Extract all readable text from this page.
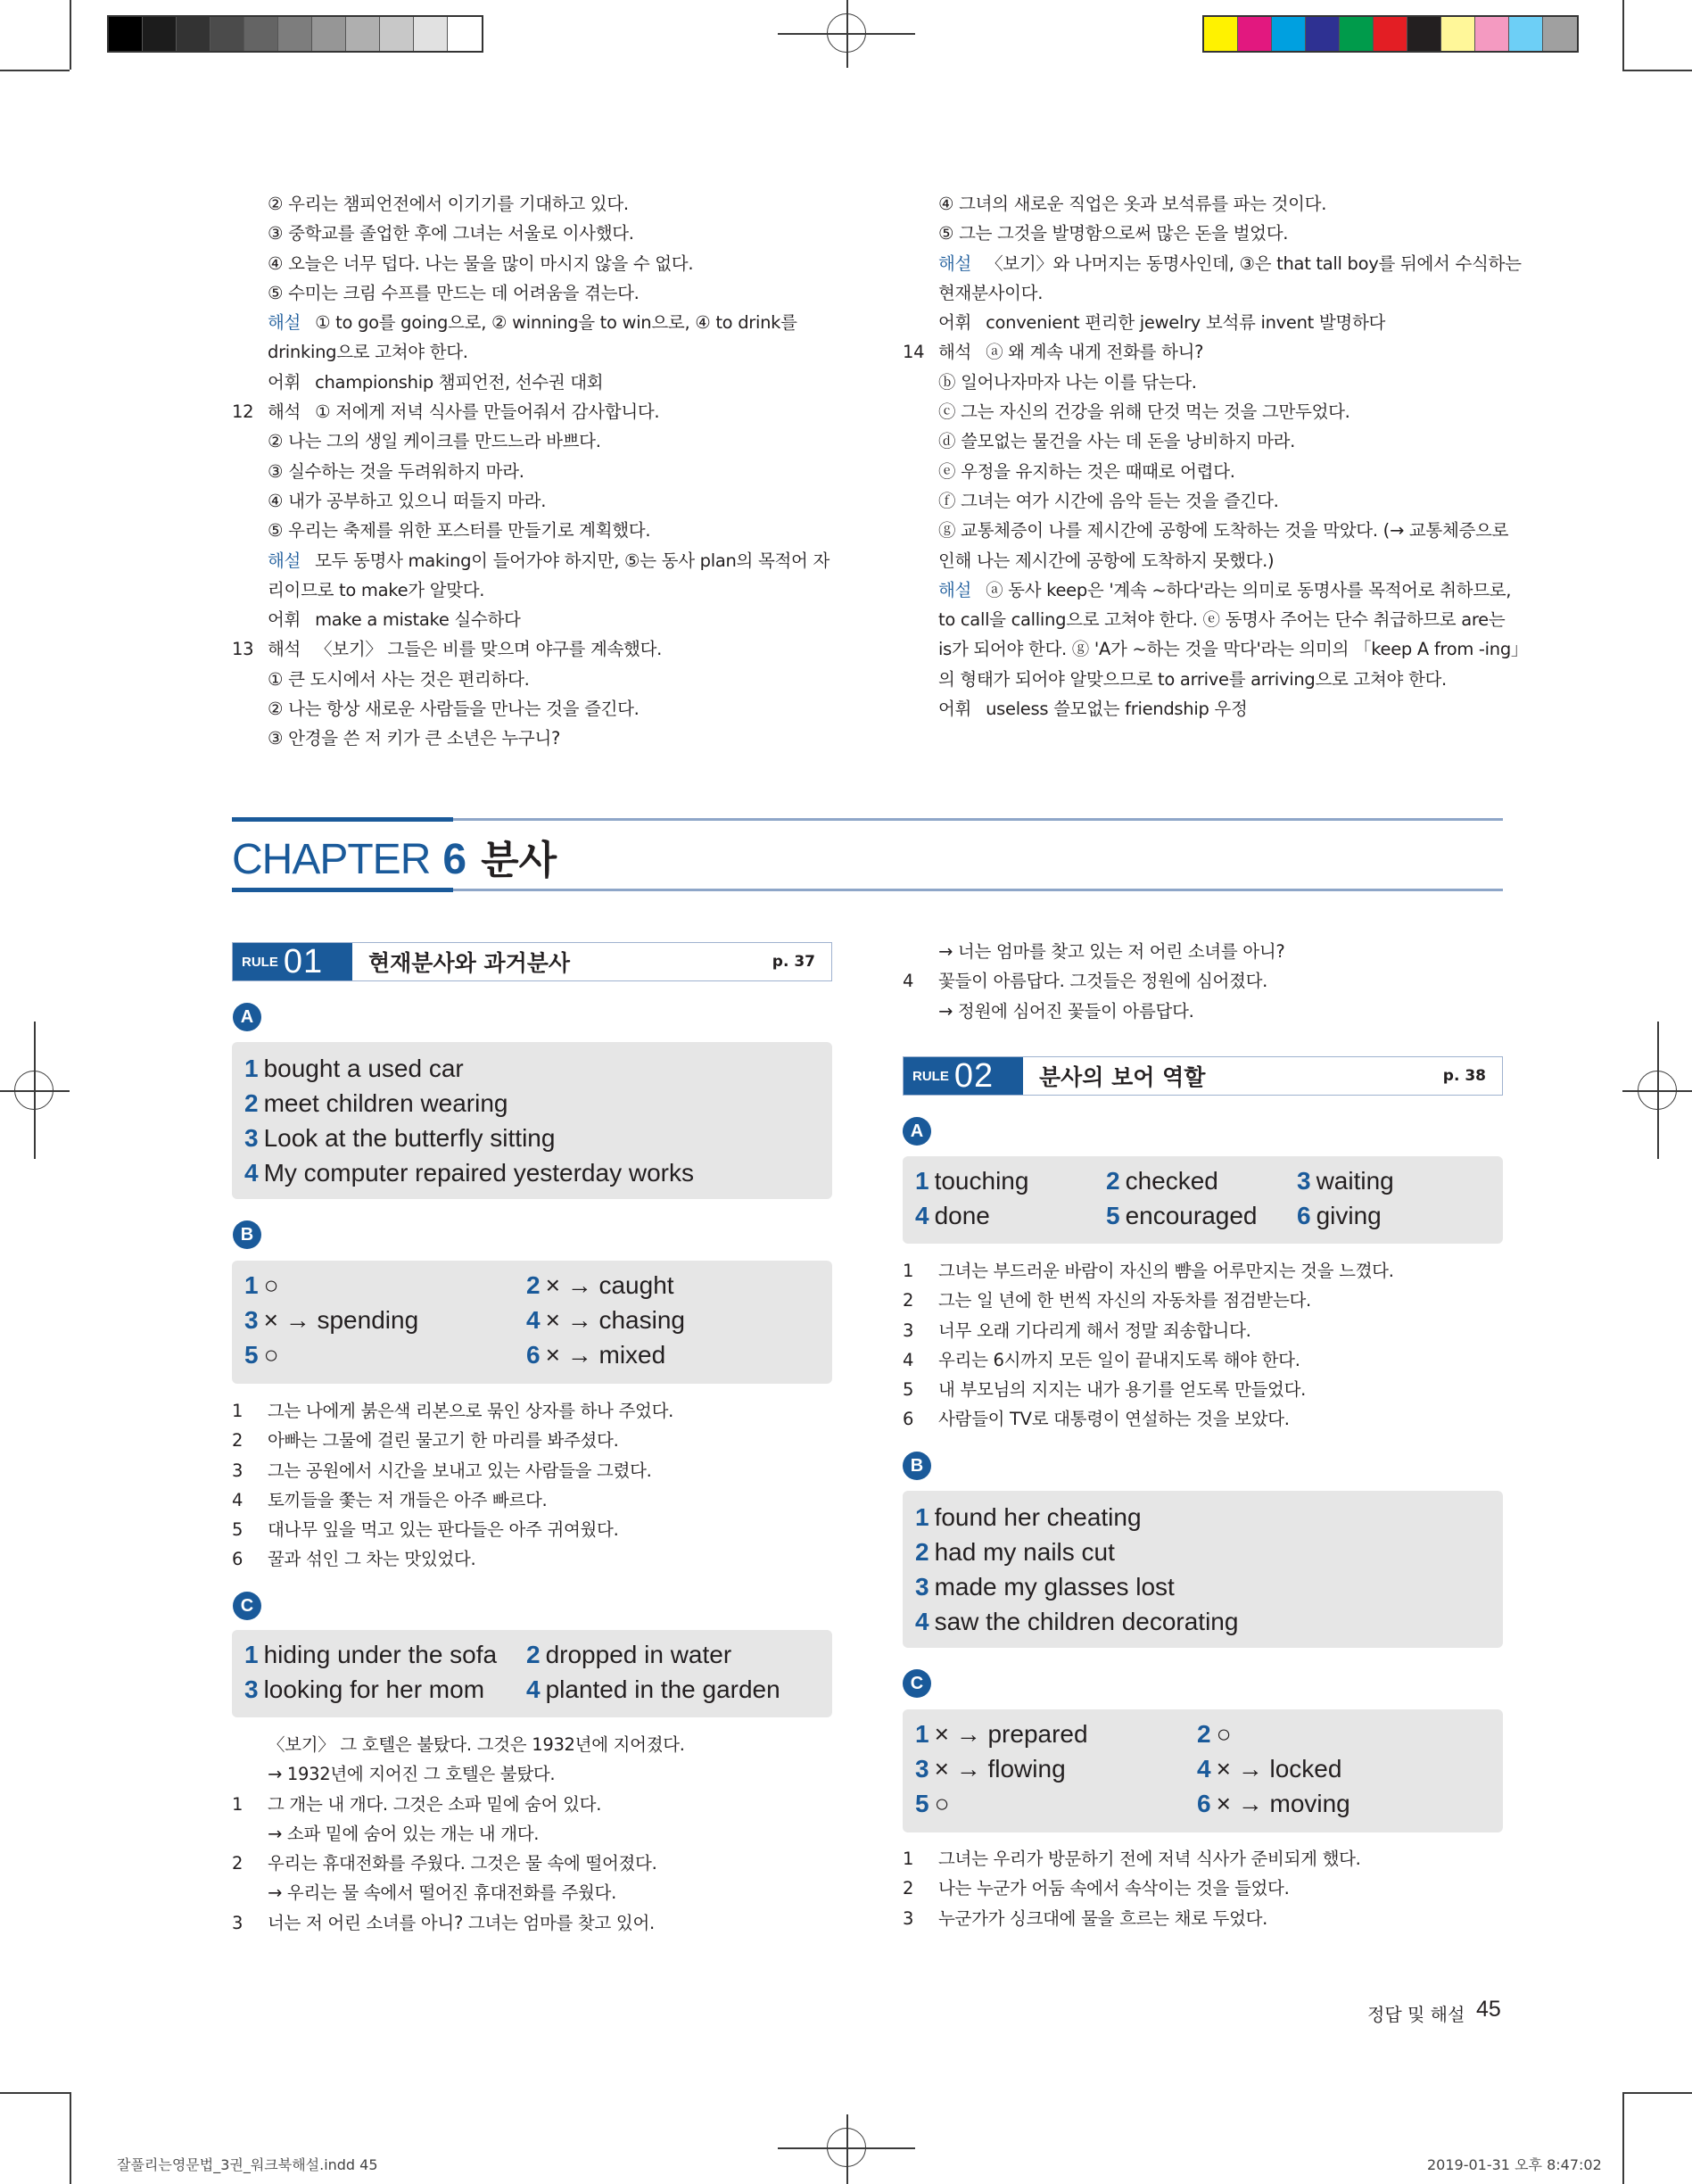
② 우리는 챔피언전에서 이기기를 기대하고 있다.
③ 중학교를 졸업한 후에 그녀는 서울로 이사했다.
④ 오늘은 너무 덥다. 나는 물을 많이 마시지 않을 수 없다.
⑤ 수미는 크림 수프를 만드는 데 어려움을 겪는다.
해설 ① to go를 going으로, ② winning을 to win으로, ④ to drink를
drinking으로 고쳐야 한다.
어휘 championship 챔피언전, 선수권 대회
12 해석 ① 저에게 저녁 식사를 만들어줘서 감사합니다.
② 나는 그의 생일 케이크를 만드느라 바쁘다.
③ 실수하는 것을 두려워하지 마라.
④ 내가 공부하고 있으니 떠들지 마라.
⑤ 우리는 축제를 위한 포스터를 만들기로 계획했다.
해설 모두 동명사 making이 들어가야 하지만, ⑤는 동사 plan의 목적어 자
리이므로 to make가 알맞다.
어휘 make a mistake 실수하다
13 해석 〈보기〉 그들은 비를 맞으며 야구를 계속했다.
① 큰 도시에서 사는 것은 편리하다.
② 나는 항상 새로운 사람들을 만나는 것을 즐긴다.
③ 안경을 쓴 저 키가 큰 소년은 누구니?
④ 그녀의 새로운 직업은 옷과 보석류를 파는 것이다.
⑤ 그는 그것을 발명함으로써 많은 돈을 벌었다.
해설 〈보기〉와 나머지는 동명사인데, ③은 that tall boy를 뒤에서 수식하는
현재분사이다.
어휘 convenient 편리한 jewelry 보석류 invent 발명하다
14 해석 ⓐ 왜 계속 내게 전화를 하니?
ⓑ 일어나자마자 나는 이를 닦는다.
ⓒ 그는 자신의 건강을 위해 단것 먹는 것을 그만두었다.
ⓓ 쓸모없는 물건을 사는 데 돈을 낭비하지 마라.
ⓔ 우정을 유지하는 것은 때때로 어렵다.
ⓕ 그녀는 여가 시간에 음악 듣는 것을 즐긴다.
ⓖ 교통체증이 나를 제시간에 공항에 도착하는 것을 막았다. (→ 교통체증으로
인해 나는 제시간에 공항에 도착하지 못했다.)
해설 ⓐ 동사 keep은 '계속 ~하다'라는 의미로 동명사를 목적어로 취하므로,
to call을 calling으로 고쳐야 한다. ⓔ 동명사 주어는 단수 취급하므로 are는
is가 되어야 한다. ⓖ 'A가 ~하는 것을 막다'라는 의미의 「keep A from -ing」
의 형태가 되어야 알맞으므로 to arrive를 arriving으로 고쳐야 한다.
어휘 useless 쓸모없는 friendship 우정
CHAPTER 6 분사
RULE 01 현재분사와 과거분사	p. 37
A
1 bought a used car
2 meet children wearing
3 Look at the butterfly sitting
4 My computer repaired yesterday works
B
1 ○	2 × → caught
3 × → spending	4 × → chasing
5 ○	6 × → mixed
1	그는 나에게 붉은색 리본으로 묶인 상자를 하나 주었다.
2	아빠는 그물에 걸린 물고기 한 마리를 봐주셨다.
3	그는 공원에서 시간을 보내고 있는 사람들을 그렸다.
4	토끼들을 쫓는 저 개들은 아주 빠르다.
5	대나무 잎을 먹고 있는 판다들은 아주 귀여웠다.
6	꿀과 섞인 그 차는 맛있었다.
C
1 hiding under the sofa 2 dropped in water
3 looking for her mom 4 planted in the garden
〈보기〉 그 호텔은 불탔다. 그것은 1932년에 지어졌다.
→ 1932년에 지어진 그 호텔은 불탔다.
1	그 개는 내 개다. 그것은 소파 밑에 숨어 있다.
→ 소파 밑에 숨어 있는 개는 내 개다.
2	우리는 휴대전화를 주웠다. 그것은 물 속에 떨어졌다.
→ 우리는 물 속에서 떨어진 휴대전화를 주웠다.
3	너는 저 어린 소녀를 아니? 그녀는 엄마를 찾고 있어.
→ 너는 엄마를 찾고 있는 저 어린 소녀를 아니?
4	꽃들이 아름답다. 그것들은 정원에 심어졌다.
→ 정원에 심어진 꽃들이 아름답다.
RULE 02 분사의 보어 역할	p. 38
A
1 touching	2 checked	3 waiting
4 done	5 encouraged 6 giving
1	그녀는 부드러운 바람이 자신의 뺨을 어루만지는 것을 느꼈다.
2	그는 일 년에 한 번씩 자신의 자동차를 점검받는다.
3	너무 오래 기다리게 해서 정말 죄송합니다.
4	우리는 6시까지 모든 일이 끝내지도록 해야 한다.
5	내 부모님의 지지는 내가 용기를 얻도록 만들었다.
6	사람들이 TV로 대통령이 연설하는 것을 보았다.
B
1 found her cheating
2 had my nails cut
3 made my glasses lost
4 saw the children decorating
C
1 × → prepared	2 ○
3 × → flowing	4 × → locked
5 ○	6 × → moving
1	그녀는 우리가 방문하기 전에 저녁 식사가 준비되게 했다.
2	나는 누군가 어둠 속에서 속삭이는 것을 들었다.
3	누군가가 싱크대에 물을 흐르는 채로 두었다.
정답 및 해설 45
잘풀리는영문법_3권_워크북해설.indd 45	2019-01-31 오후 8:47:02
